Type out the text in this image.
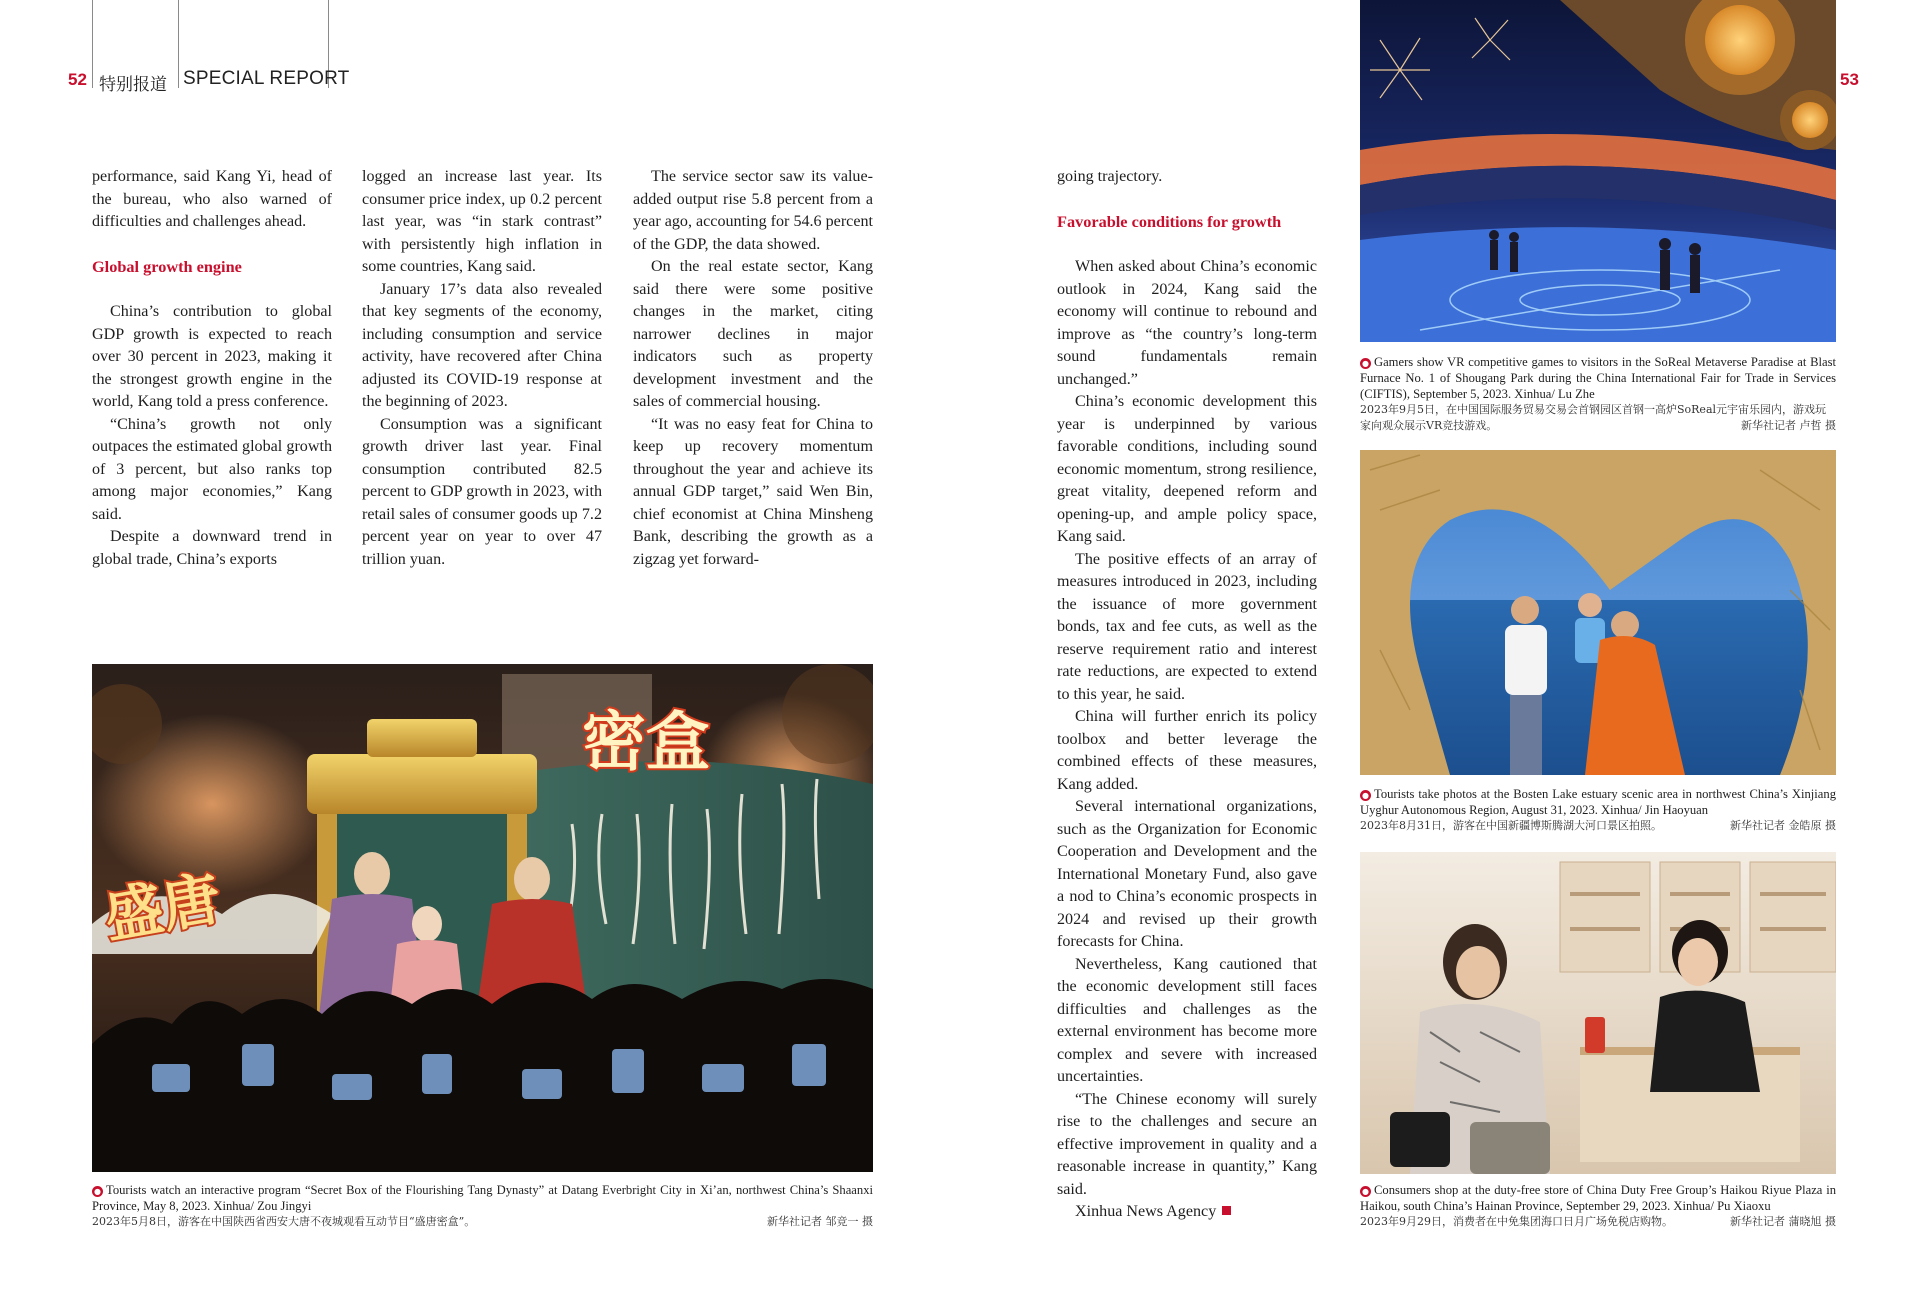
52 特别报道 SPECIAL REPORT	53

performance, said Kang Yi, head of the bureau, who also warned of difficulties and challenges ahead.

Global growth engine

China’s contribution to global GDP growth is expected to reach over 30 percent in 2023, making it the strongest growth engine in the world, Kang told a press conference.

“China’s growth not only outpaces the estimated global growth of 3 percent, but also ranks top among major economies,” Kang said.

Despite a downward trend in global trade, China’s exports

logged an increase last year. Its consumer price index, up 0.2 percent last year, was “in stark contrast” with persistently high inflation in some countries, Kang said.

January 17’s data also revealed that key segments of the economy, including consumption and service activity, have recovered after China adjusted its COVID-19 response at the beginning of 2023.

Consumption was a significant growth driver last year. Final consumption contributed 82.5 percent to GDP growth in 2023, with retail sales of consumer goods up 7.2 percent year on year to over 47 trillion yuan.

The service sector saw its value-added output rise 5.8 percent from a year ago, accounting for 54.6 percent of the GDP, the data showed.

On the real estate sector, Kang said there were some positive changes in the market, citing narrower declines in major indicators such as property development investment and the sales of commercial housing.

“It was no easy feat for China to keep up recovery momentum throughout the year and achieve its annual GDP target,” said Wen Bin, chief economist at China Minsheng Bank, describing the growth as a zigzag yet forward-

going trajectory.

Favorable conditions for growth

When asked about China’s economic outlook in 2024, Kang said the economy will continue to rebound and improve as “the country’s long-term sound fundamentals remain unchanged.”

China’s economic development this year is underpinned by various favorable conditions, including sound economic momentum, strong resilience, great vitality, deepened reform and opening-up, and ample policy space, Kang said.

The positive effects of an array of measures introduced in 2023, including the issuance of more government bonds, tax and fee cuts, as well as the reserve requirement ratio and interest rate reductions, are expected to extend to this year, he said.

China will further enrich its policy toolbox and better leverage the combined effects of these measures, Kang added.

Several international organizations, such as the Organization for Economic Cooperation and Development and the International Monetary Fund, also gave a nod to China’s economic prospects in 2024 and revised up their growth forecasts for China.

Nevertheless, Kang cautioned that the economic development still faces difficulties and challenges as the external environment has become more complex and severe with increased uncertainties.

“The Chinese economy will surely rise to the challenges and secure an effective improvement in quality and a reasonable increase in quantity,” Kang said.

Xinhua News Agency

密盒
盛唐
● Tourists watch an interactive program “Secret Box of the Flourishing Tang Dynasty” at Datang Everbright City in Xi’an, northwest China’s Shaanxi Province, May 8, 2023. Xinhua/ Zou Jingyi
2023年5月8日，游客在中国陕西省西安大唐不夜城观看互动节目“盛唐密盒”。	新华社记者 邹竞一 摄
● Gamers show VR competitive games to visitors in the SoReal Metaverse Paradise at Blast Furnace No. 1 of Shougang Park during the China International Fair for Trade in Services (CIFTIS), September 5, 2023. Xinhua/ Lu Zhe
2023年9月5日，在中国国际服务贸易交易会首钢园区首钢一高炉SoReal元宇宙乐园内，游戏玩家向观众展示VR竞技游戏。	新华社记者 卢哲 摄
● Tourists take photos at the Bosten Lake estuary scenic area in northwest China’s Xinjiang Uyghur Autonomous Region, August 31, 2023. Xinhua/ Jin Haoyuan
2023年8月31日，游客在中国新疆博斯腾湖大河口景区拍照。	新华社记者 金皓原 摄
● Consumers shop at the duty-free store of China Duty Free Group’s Haikou Riyue Plaza in Haikou, south China’s Hainan Province, September 29, 2023. Xinhua/ Pu Xiaoxu
2023年9月29日，消费者在中免集团海口日月广场免税店购物。	新华社记者 蒲晓旭 摄
